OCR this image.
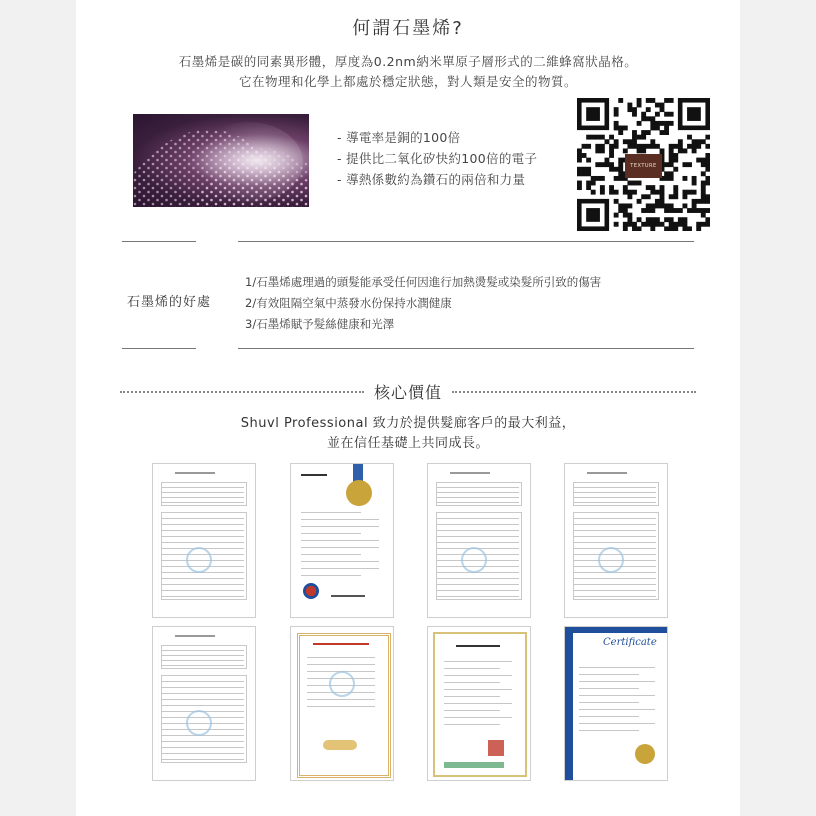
何謂石墨烯?
石墨烯是碳的同素異形體，厚度為0.2nm納米單原子層形式的二維蜂窩狀晶格。
它在物理和化學上都處於穩定狀態，對人類是安全的物質。
- 導電率是銅的100倍
- 提供比二氧化矽快約100倍的電子
- 導熱係數約為鑽石的兩倍和力量
TEXTURE
石墨烯的好處
1/石墨烯處理過的頭髮能承受任何因進行加熱燙髮或染髮所引致的傷害
2/有效阻隔空氣中蒸發水份保持水潤健康
3/石墨烯賦予髮絲健康和光澤
核心價值
Shuvl Professional 致力於提供髮廊客戶的最大利益，
並在信任基礎上共同成長。
Certificate
